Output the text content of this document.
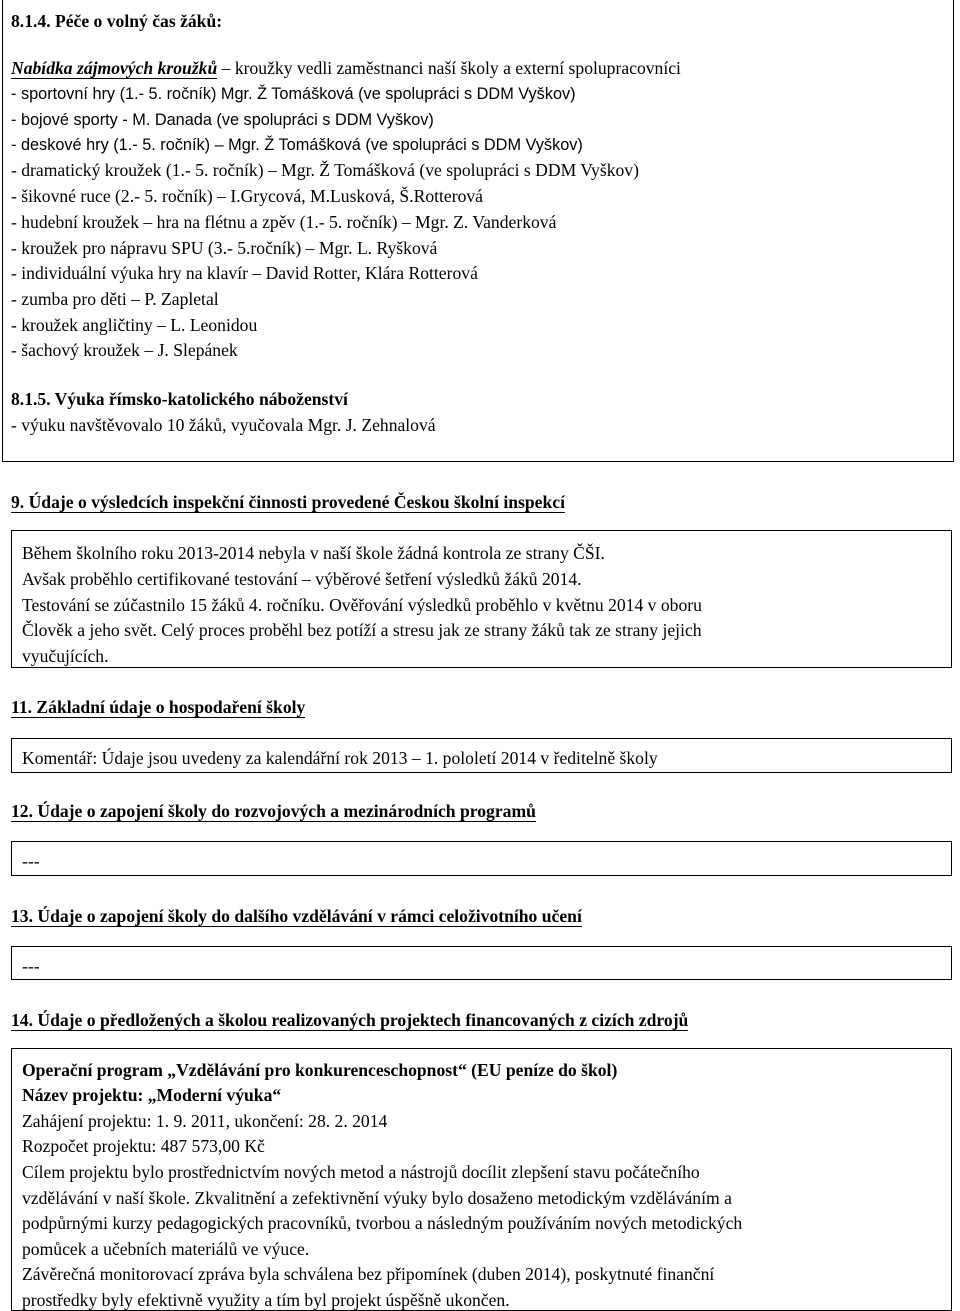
8.1.4. Péče o volný čas žáků:
Nabídka zájmových kroužků – kroužky vedli zaměstnanci naší školy a externí spolupracovníci
- sportovní hry (1.- 5. ročník) Mgr. Ž Tomášková (ve spolupráci s DDM Vyškov)
- bojové sporty - M. Danada (ve spolupráci s DDM Vyškov)
- deskové hry (1.- 5. ročník) – Mgr. Ž Tomášková (ve spolupráci s DDM Vyškov)
- dramatický kroužek (1.- 5. ročník) – Mgr. Ž Tomášková (ve spolupráci s DDM Vyškov)
- šikovné ruce (2.- 5. ročník) – I.Grycová, M.Lusková, Š.Rotterová
- hudební kroužek – hra na flétnu a zpěv (1.- 5. ročník) – Mgr. Z. Vanderková
- kroužek pro nápravu SPU (3.- 5.ročník) – Mgr. L. Ryšková
- individuální výuka hry na klavír – David Rotter, Klára Rotterová
- zumba pro děti – P. Zapletal
- kroužek angličtiny – L. Leonidou
- šachový kroužek – J. Slepánek
8.1.5. Výuka římsko-katolického náboženství
- výuku navštěvovalo 10 žáků, vyučovala Mgr. J. Zehnalová
9. Údaje o výsledcích inspekční činnosti provedené Českou školní inspekcí
Během školního roku 2013-2014 nebyla v naší škole žádná kontrola ze strany ČŠI.
Avšak proběhlo certifikované testování – výběrové šetření výsledků žáků 2014.
Testování se zúčastnilo 15 žáků 4. ročníku. Ověřování výsledků proběhlo v květnu 2014 v oboru
Člověk a jeho svět. Celý proces proběhl bez potíží a stresu jak ze strany žáků tak ze strany jejich
vyučujících.
11. Základní údaje o hospodaření školy
Komentář: Údaje jsou uvedeny za kalendářní rok 2013 – 1. pololetí 2014 v ředitelně školy
12. Údaje o zapojení školy do rozvojových a mezinárodních programů
---
13. Údaje o zapojení školy do dalšího vzdělávání v rámci celoživotního učení
---
14. Údaje o předložených a školou realizovaných projektech financovaných z cizích zdrojů
Operační program „Vzdělávání pro konkurenceschopnost“ (EU peníze do škol)
Název projektu: „Moderní výuka“
Zahájení projektu: 1. 9. 2011, ukončení: 28. 2. 2014
Rozpočet projektu: 487 573,00 Kč
Cílem projektu bylo prostřednictvím nových metod a nástrojů docílit zlepšení stavu počátečního
vzdělávání v naší škole. Zkvalitnění a zefektivnění výuky bylo dosaženo metodickým vzděláváním a
podpůrnými kurzy pedagogických pracovníků, tvorbou a následným používáním nových metodických
pomůcek a učebních materiálů ve výuce.
Závěrečná monitorovací zpráva byla schválena bez připomínek (duben 2014), poskytnuté finanční
prostředky byly efektivně využity a tím byl projekt úspěšně ukončen.
